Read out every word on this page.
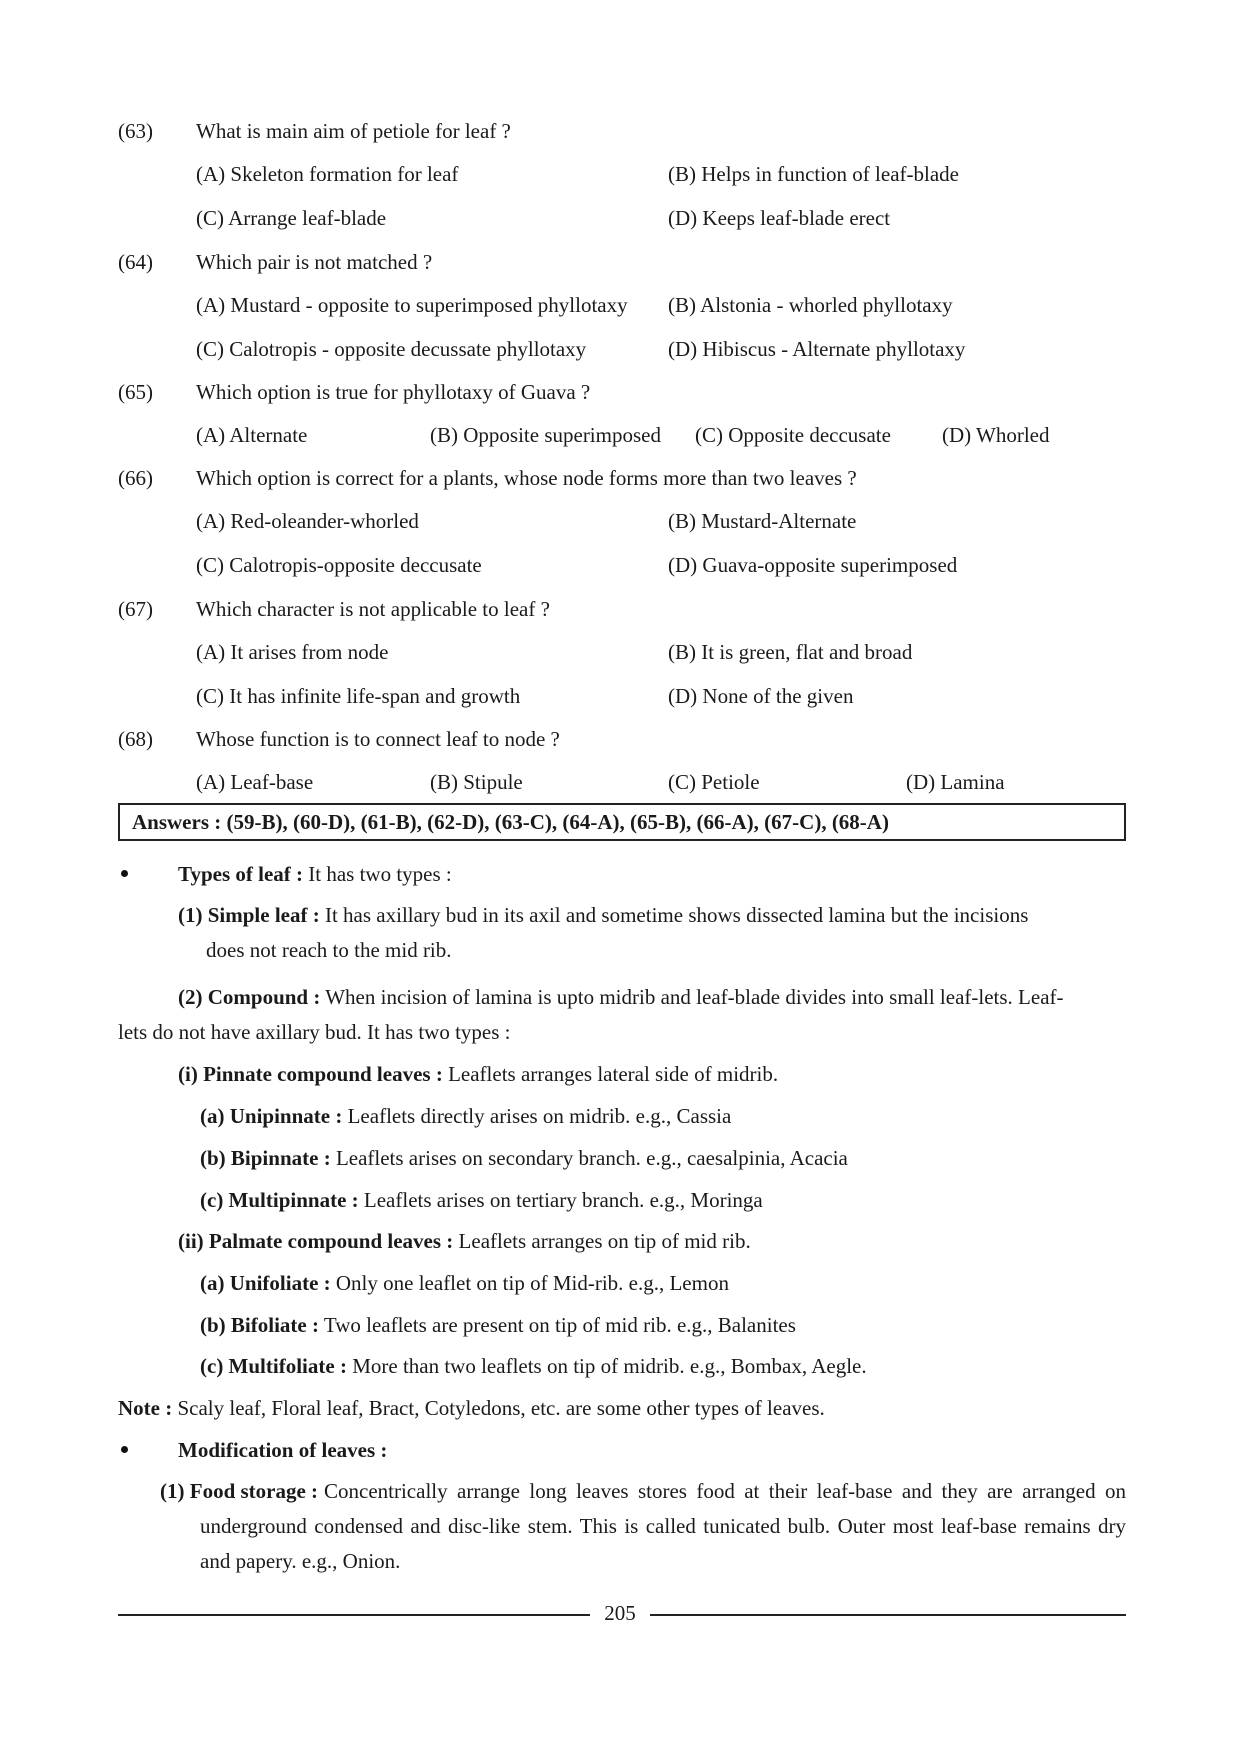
(63) What is main aim of petiole for leaf ?
(A) Skeleton formation for leaf	(B) Helps in function of leaf-blade
(C) Arrange leaf-blade	(D) Keeps leaf-blade erect
(64) Which pair is not matched ?
(A) Mustard - opposite to superimposed phyllotaxy (B) Alstonia - whorled phyllotaxy
(C) Calotropis - opposite decussate phyllotaxy	(D) Hibiscus - Alternate phyllotaxy
(65) Which option is true for phyllotaxy of Guava ?
(A) Alternate	(B) Opposite superimposed (C) Opposite deccusate (D) Whorled
(66) Which option is correct for a plants, whose node forms more than two leaves ?
(A) Red-oleander-whorled	(B) Mustard-Alternate
(C) Calotropis-opposite deccusate	(D) Guava-opposite superimposed
(67) Which character is not applicable to leaf ?
(A) It arises from node	(B) It is green, flat and broad
(C) It has infinite life-span and growth	(D) None of the given
(68) Whose function is to connect leaf to node ?
(A) Leaf-base	(B) Stipule	(C) Petiole	(D) Lamina
Answers : (59-B), (60-D), (61-B), (62-D), (63-C), (64-A), (65-B), (66-A), (67-C), (68-A)
Types of leaf : It has two types :
(1) Simple leaf : It has axillary bud in its axil and sometime shows dissected lamina but the incisions
does not reach to the mid rib.
(2) Compound : When incision of lamina is upto midrib and leaf-blade divides into small leaf-lets. Leaf-
lets do not have axillary bud. It has two types :
(i) Pinnate compound leaves : Leaflets arranges lateral side of midrib.
(a) Unipinnate : Leaflets directly arises on midrib. e.g., Cassia
(b) Bipinnate : Leaflets arises on secondary branch. e.g., caesalpinia, Acacia
(c) Multipinnate : Leaflets arises on tertiary branch. e.g., Moringa
(ii) Palmate compound leaves : Leaflets arranges on tip of mid rib.
(a) Unifoliate : Only one leaflet on tip of Mid-rib. e.g., Lemon
(b) Bifoliate : Two leaflets are present on tip of mid rib. e.g., Balanites
(c) Multifoliate : More than two leaflets on tip of midrib. e.g., Bombax, Aegle.
Note : Scaly leaf, Floral leaf, Bract, Cotyledons, etc. are some other types of leaves.
Modification of leaves :
(1) Food storage : Concentrically arrange long leaves stores food at their leaf-base and they are arranged on underground condensed and disc-like stem. This is called tunicated bulb. Outer most leaf-base remains dry and papery. e.g., Onion.
205
